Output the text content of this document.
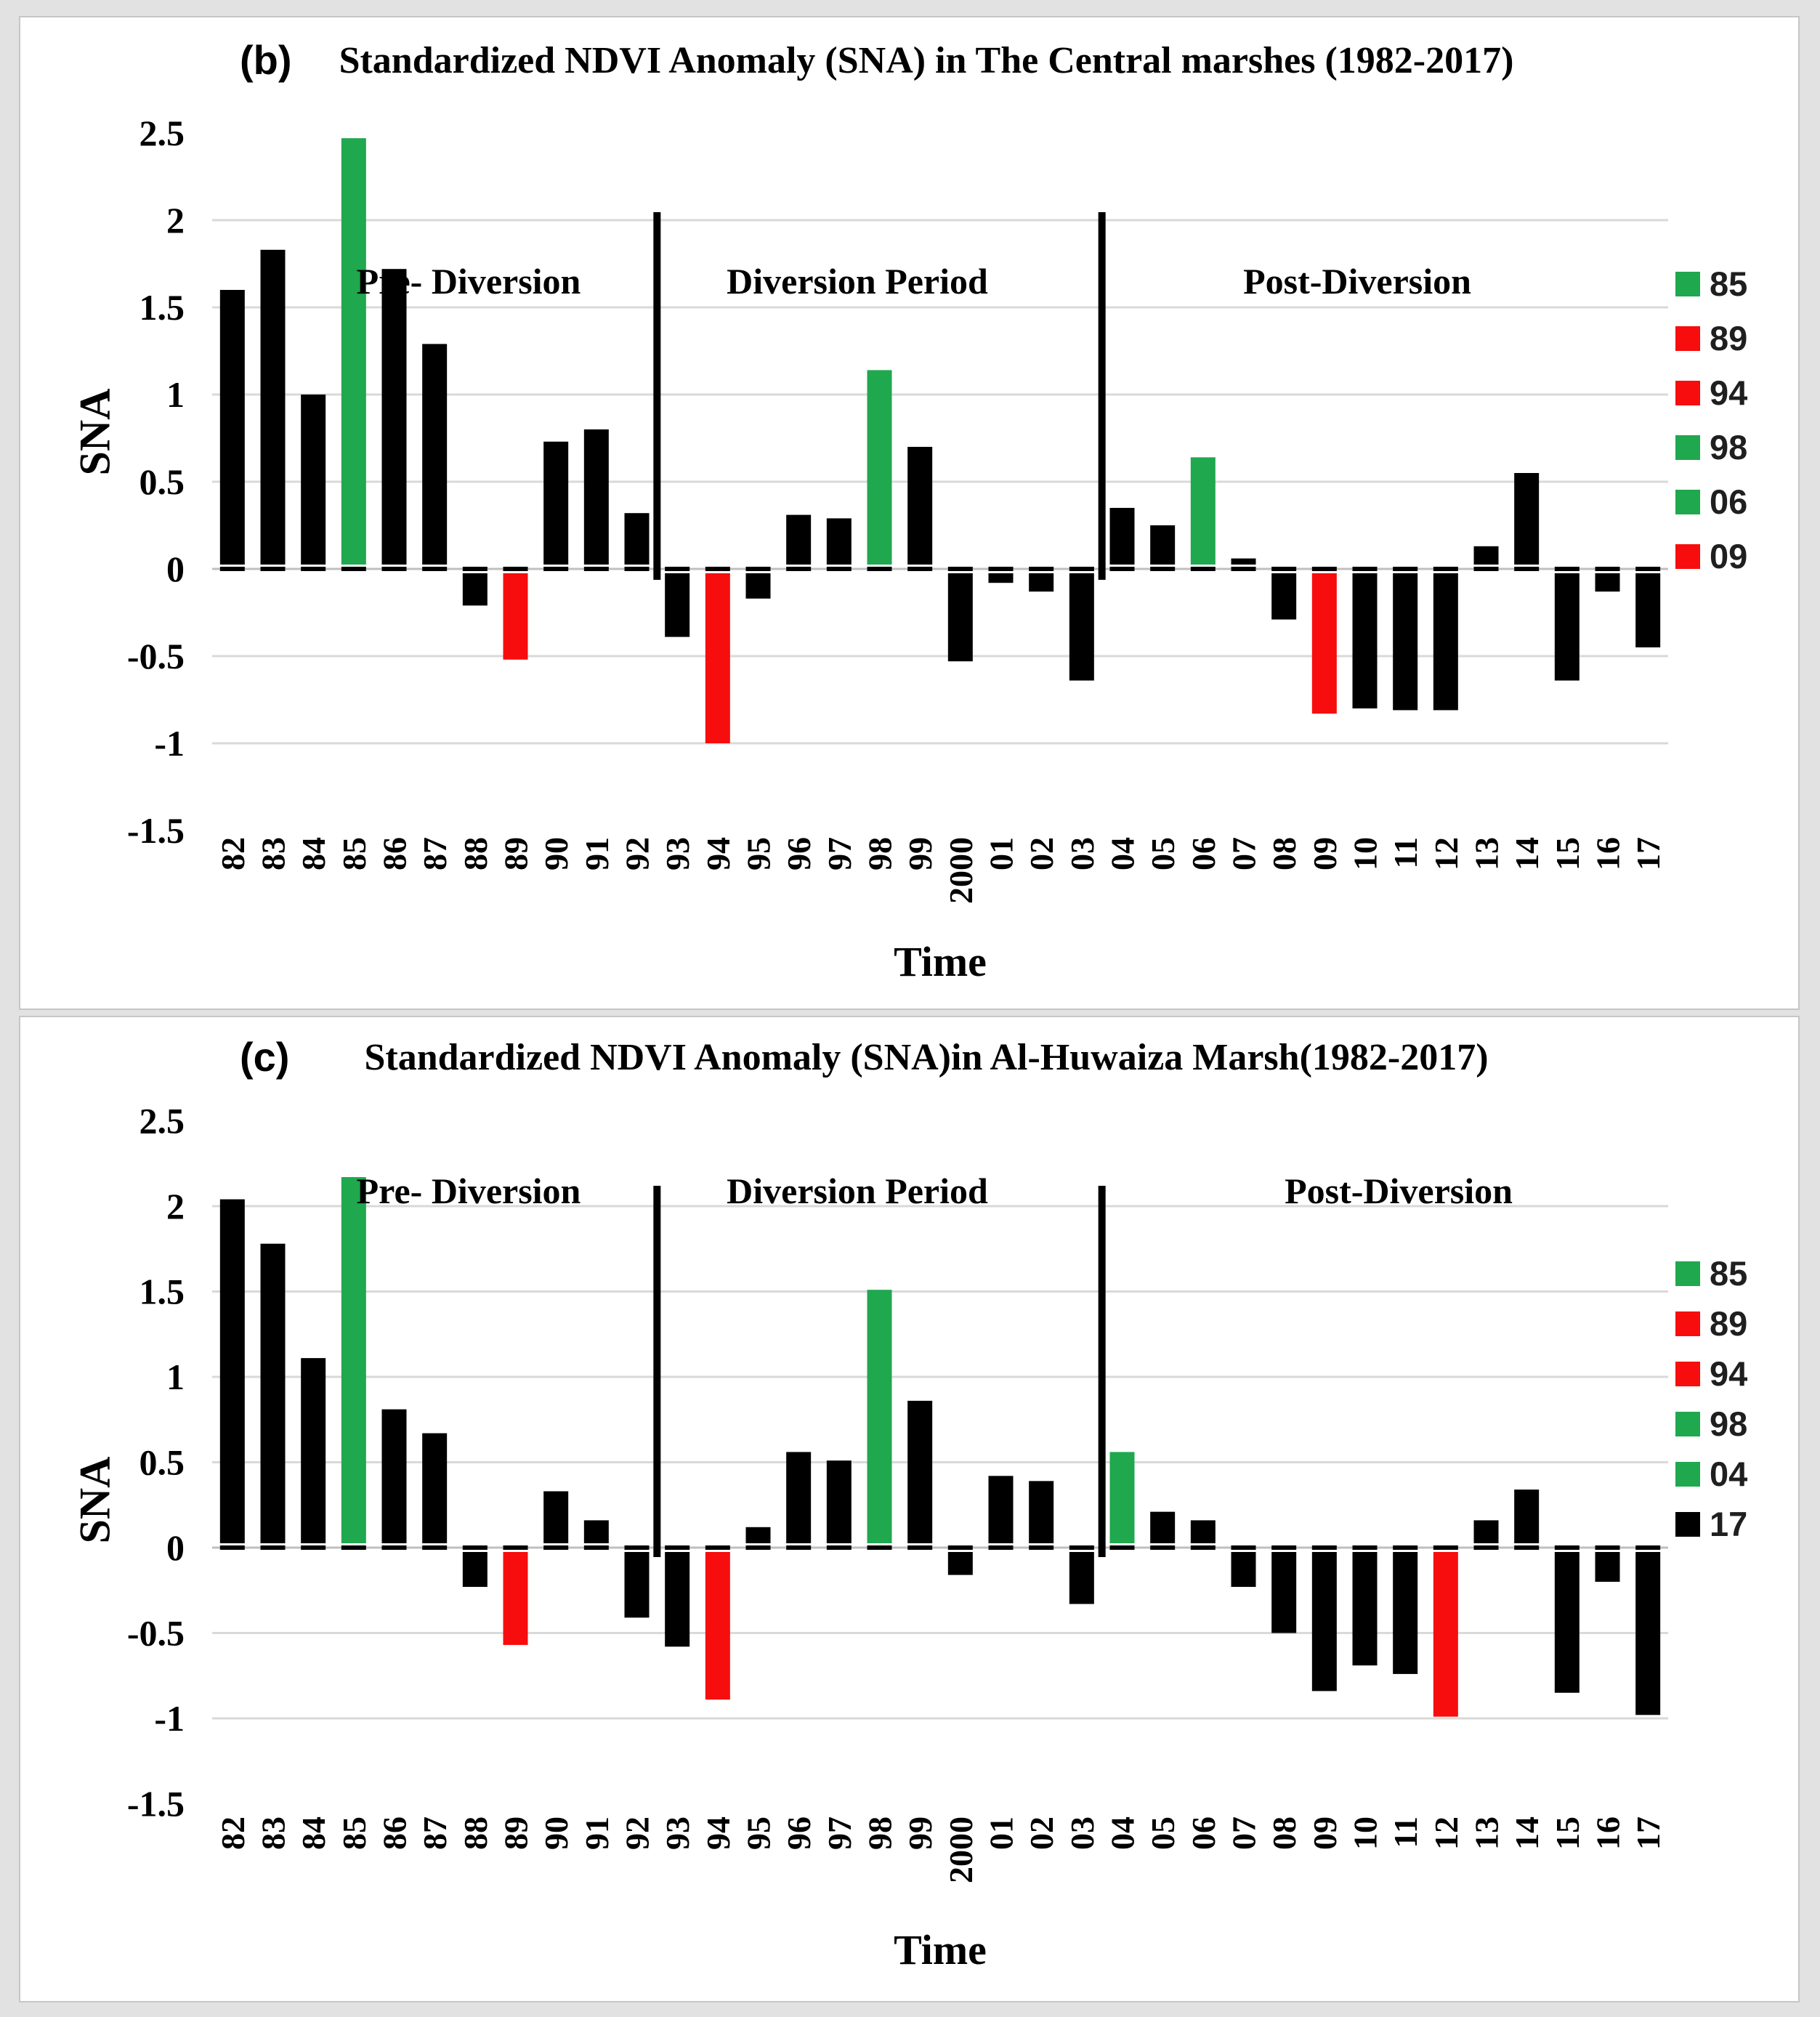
2.5
2
1.5
1
0.5
0
-0.5
-1
-1.5
82 83 84 85 86 87 88 89 90 91 92 93 94 95 96 97 98 99 2000 01 02 03 04 05 06 07 08 09 10 11 12 13 14 15 16 17
Pre- Diversion	Diversion Period	Post-Diversion
2.5
2
1.5
1
0.5
0
-0.5
-1
-1.5
82 83 84 85 86 87 88 89 90 91 92 93 94 95 96 97 98 99 2000 01 02 03 04 05 06 07 08 09 10 11 12 13 14 15 16 17
Pre- Diversion	Diversion Period	Post-Diversion
(b)	Standardized NDVI Anomaly (SNA) in The Central marshes (1982-2017)
SNA
Time
(c)	Standardized NDVI Anomaly (SNA)in Al-Huwaiza Marsh(1982-2017)
SNA
Time
85
89
94
98
06
09
85
89
94
98
04
17
